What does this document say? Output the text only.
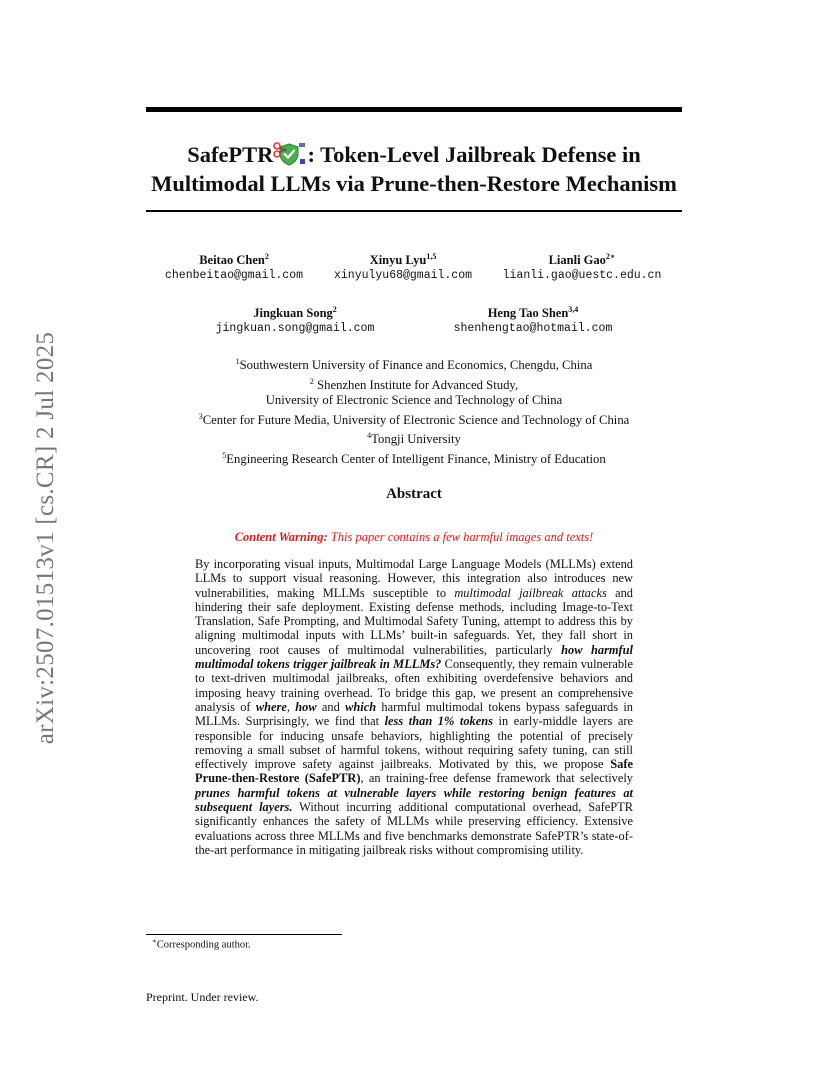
SafePTR : Token-Level Jailbreak Defense in
Multimodal LLMs via Prune-then-Restore Mechanism
Beitao Chen$^2$
chenbeitao@gmail.com
Xinyu Lyu$^{1,5}$
xinyulyu68@gmail.com
Lianli Gao$^{2∗}$
lianli.gao@uestc.edu.cn
Jingkuan Song$^2$
jingkuan.song@gmail.com
Heng Tao Shen$^{3,4}$
shenhengtao@hotmail.com
$^1$Southwestern University of Finance and Economics, Chengdu, China
$^2$ Shenzhen Institute for Advanced Study,
University of Electronic Science and Technology of China
$^3$Center for Future Media, University of Electronic Science and Technology of China
$^4$Tongji University
$^5$Engineering Research Center of Intelligent Finance, Ministry of Education
Abstract
Content Warning: This paper contains a few harmful images and texts!
By incorporating visual inputs, Multimodal Large Language Models (MLLMs) extend LLMs to support visual reasoning. However, this integration also introduces new vulnerabilities, making MLLMs susceptible to multimodal jailbreak attacks and hindering their safe deployment. Existing defense methods, including Image-to-Text Translation, Safe Prompting, and Multimodal Safety Tuning, attempt to address this by aligning multimodal inputs with LLMs’ built-in safeguards. Yet, they fall short in uncovering root causes of multimodal vulnerabilities, particularly how harmful multimodal tokens trigger jailbreak in MLLMs? Consequently, they remain vulnerable to text-driven multimodal jailbreaks, often exhibiting overdefensive behaviors and imposing heavy training overhead. To bridge this gap, we present an comprehensive analysis of where, how and which harmful multimodal tokens bypass safeguards in MLLMs. Surprisingly, we find that less than 1% tokens in early-middle layers are responsible for inducing unsafe behaviors, highlighting the potential of precisely removing a small subset of harmful tokens, without requiring safety tuning, can still effectively improve safety against jailbreaks. Motivated by this, we propose Safe Prune-then-Restore (SafePTR), an training-free defense framework that selectively prunes harmful tokens at vulnerable layers while restoring benign features at subsequent layers. Without incurring additional computational overhead, SafePTR significantly enhances the safety of MLLMs while preserving efficiency. Extensive evaluations across three MLLMs and five benchmarks demonstrate SafePTR’s state-of-the-art performance in mitigating jailbreak risks without compromising utility.
arXiv:2507.01513v1 [cs.CR] 2 Jul 2025
∗Corresponding author.
Preprint. Under review.
